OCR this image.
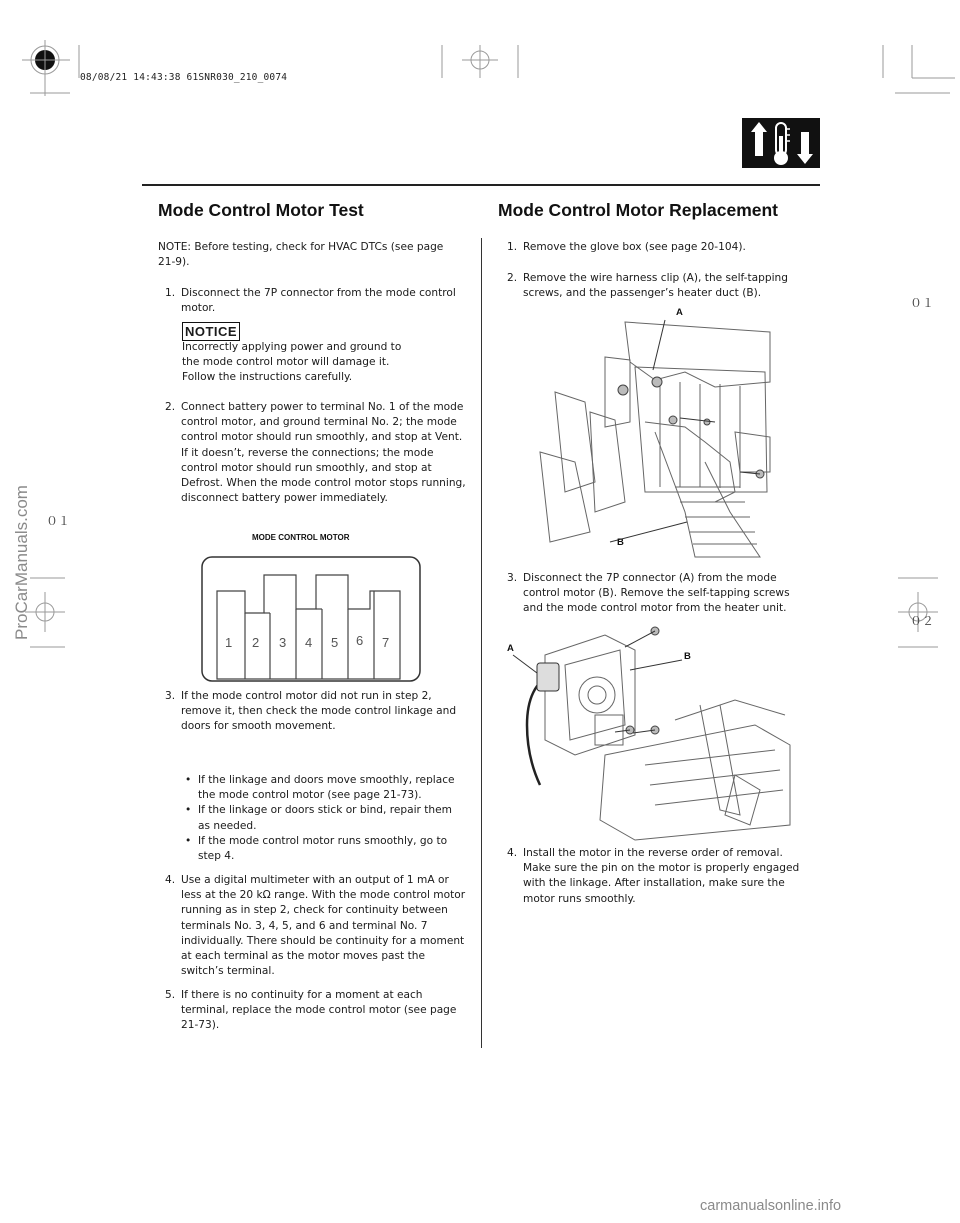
08/08/21 14:43:38 61SNR030_210_0074
Mode Control Motor Test	Mode Control Motor Replacement
NOTE: Before testing, check for HVAC DTCs (see page 21-9).
1. Disconnect the 7P connector from the mode control motor.
NOTICE

Incorrectly applying power and ground to

the mode control motor will damage it.

Follow the instructions carefully.

2. Connect battery power to terminal No. 1 of the mode control motor, and ground terminal No. 2; the mode control motor should run smoothly, and stop at Vent. If it doesn’t, reverse the connections; the mode control motor should run smoothly, and stop at Defrost. When the mode control motor stops running, disconnect battery power immediately.
MODE CONTROL MOTOR
1 2 3 4 5 6 7
3. If the mode control motor did not run in step 2, remove it, then check the mode control linkage and doors for smooth movement.
• If the linkage and doors move smoothly, replace the mode control motor (see page 21-73).
• If the linkage or doors stick or bind, repair them as needed.
• If the mode control motor runs smoothly, go to step 4.
4. Use a digital multimeter with an output of 1 mA or less at the 20 kΩ range. With the mode control motor running as in step 2, check for continuity between terminals No. 3, 4, 5, and 6 and terminal No. 7 individually. There should be continuity for a moment at each terminal as the motor moves past the switch’s terminal.
5. If there is no continuity for a moment at each terminal, replace the mode control motor (see page 21-73).
1. Remove the glove box (see page 20-104).
2. Remove the wire harness clip (A), the self-tapping screws, and the passenger’s heater duct (B).
A
B
3. Disconnect the 7P connector (A) from the mode control motor (B). Remove the self-tapping screws and the mode control motor from the heater unit.
A
B
4. Install the motor in the reverse order of removal. Make sure the pin on the motor is properly engaged with the linkage. After installation, make sure the motor runs smoothly.
０１
０１
０２
ProCarManuals.com
carmanualsonline.info
